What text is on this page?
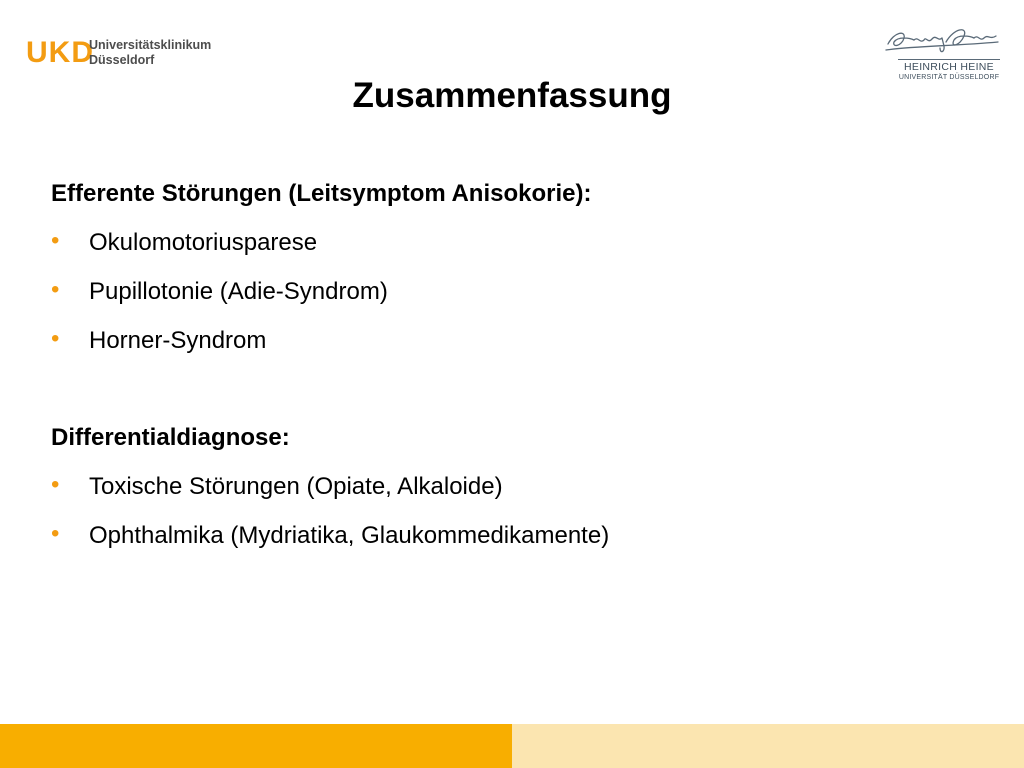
UKD
Universitätsklinikum
Düsseldorf	HEINRICH HEINE
UNIVERSITÄT DÜSSELDORF
Zusammenfassung
Efferente Störungen (Leitsymptom Anisokorie):
• Okulomotoriusparese
• Pupillotonie (Adie-Syndrom)
• Horner-Syndrom
Differentialdiagnose:
• Toxische Störungen (Opiate, Alkaloide)
• Ophthalmika (Mydriatika, Glaukommedikamente)
